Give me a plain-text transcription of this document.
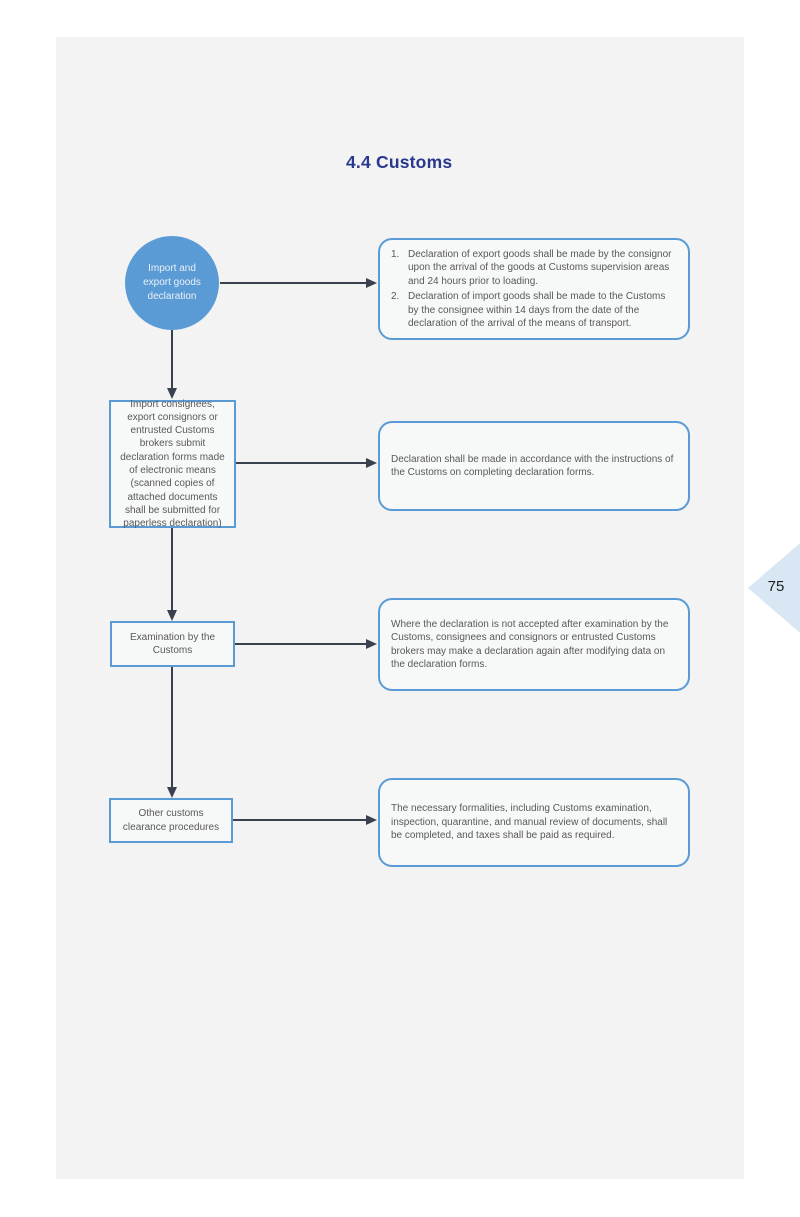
4.4 Customs
Import and export goods declaration
Import consignees, export consignors or entrusted Customs brokers submit declaration forms made of electronic means (scanned copies of attached documents shall be submitted for paperless declaration)
Examination by the Customs
Other customs clearance procedures
1. Declaration of export goods shall be made by the consignor upon the arrival of the goods at Customs supervision areas and 24 hours prior to loading.
2. Declaration of import goods shall be made to the Customs by the consignee within 14 days from the date of the declaration of the arrival of the means of transport.
Declaration shall be made in accordance with the instructions of the Customs on completing declaration forms.
Where the declaration is not accepted after examination by the Customs, consignees and consignors or entrusted Customs brokers may make a declaration again after modifying data on the declaration forms.
The necessary formalities, including Customs examination, inspection, quarantine, and manual review of documents, shall be completed, and taxes shall be paid as required.
75
